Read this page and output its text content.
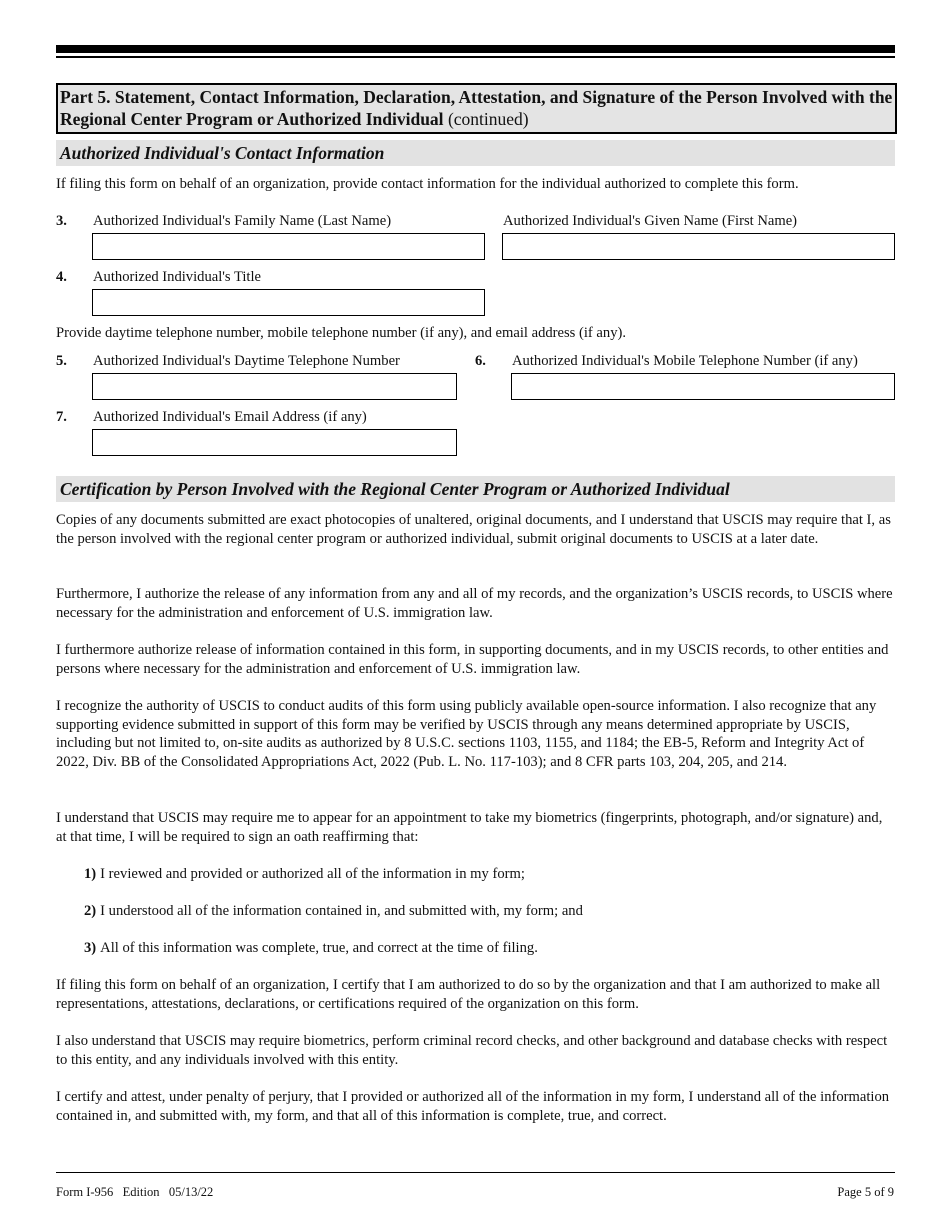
Part 5. Statement, Contact Information, Declaration, Attestation, and Signature of the Person Involved with the Regional Center Program or Authorized Individual (continued)
Authorized Individual's Contact Information
If filing this form on behalf of an organization, provide contact information for the individual authorized to complete this form.
3. Authorized Individual's Family Name (Last Name)	Authorized Individual's Given Name (First Name)
4. Authorized Individual's Title
Provide daytime telephone number, mobile telephone number (if any), and email address (if any).
5. Authorized Individual's Daytime Telephone Number	6. Authorized Individual's Mobile Telephone Number (if any)
7. Authorized Individual's Email Address (if any)
Certification by Person Involved with the Regional Center Program or Authorized Individual
Copies of any documents submitted are exact photocopies of unaltered, original documents, and I understand that USCIS may require that I, as the person involved with the regional center program or authorized individual, submit original documents to USCIS at a later date.
Furthermore, I authorize the release of any information from any and all of my records, and the organization’s USCIS records, to USCIS where necessary for the administration and enforcement of U.S. immigration law.
I furthermore authorize release of information contained in this form, in supporting documents, and in my USCIS records, to other entities and persons where necessary for the administration and enforcement of U.S. immigration law.
I recognize the authority of USCIS to conduct audits of this form using publicly available open-source information. I also recognize that any supporting evidence submitted in support of this form may be verified by USCIS through any means determined appropriate by USCIS, including but not limited to, on-site audits as authorized by 8 U.S.C. sections 1103, 1155, and 1184; the EB-5, Reform and Integrity Act of 2022, Div. BB of the Consolidated Appropriations Act, 2022 (Pub. L. No. 117-103); and 8 CFR parts 103, 204, 205, and 214.
I understand that USCIS may require me to appear for an appointment to take my biometrics (fingerprints, photograph, and/or signature) and, at that time, I will be required to sign an oath reaffirming that:
1) I reviewed and provided or authorized all of the information in my form;
2) I understood all of the information contained in, and submitted with, my form; and
3) All of this information was complete, true, and correct at the time of filing.
If filing this form on behalf of an organization, I certify that I am authorized to do so by the organization and that I am authorized to make all representations, attestations, declarations, or certifications required of the organization on this form.
I also understand that USCIS may require biometrics, perform criminal record checks, and other background and database checks with respect to this entity, and any individuals involved with this entity.
I certify and attest, under penalty of perjury, that I provided or authorized all of the information in my form, I understand all of the information contained in, and submitted with, my form, and that all of this information is complete, true, and correct.
Form I-956   Edition   05/13/22	Page 5 of 9
